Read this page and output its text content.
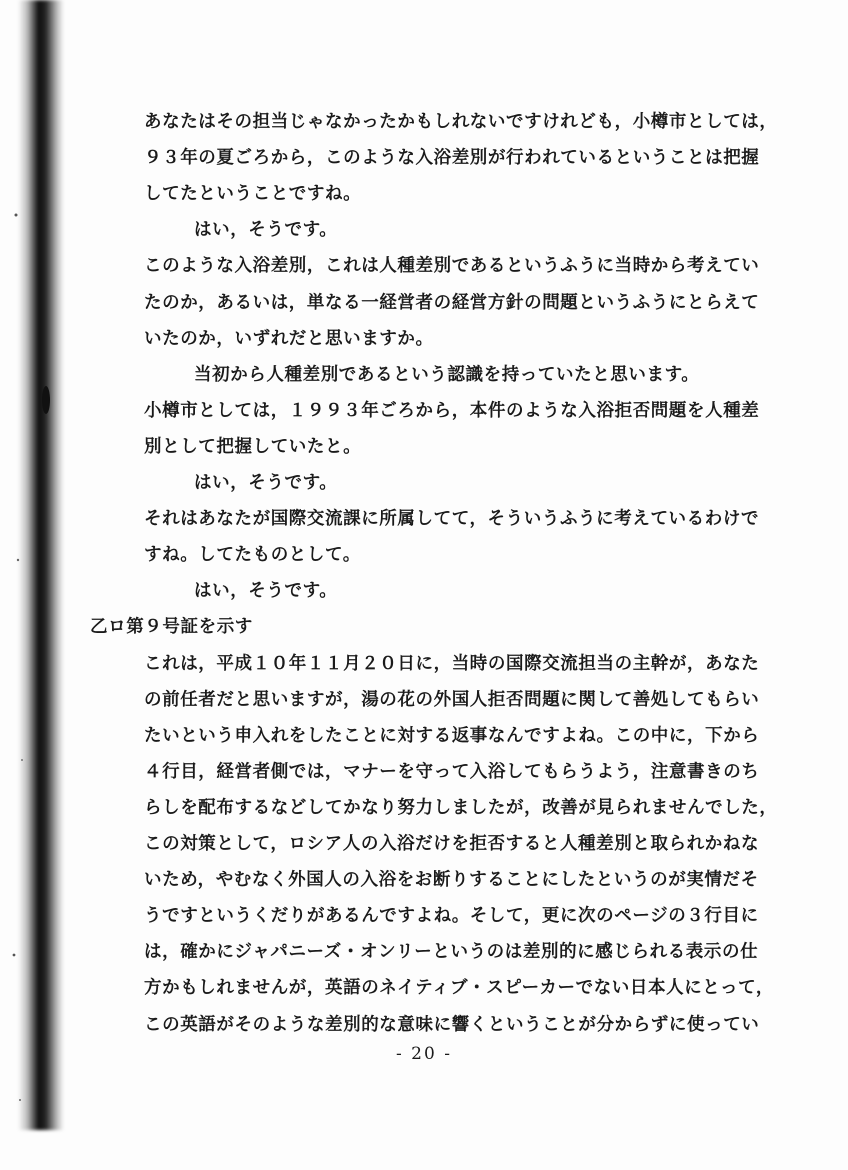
あなたはその担当じゃなかったかもしれないですけれども，小樽市としては，
９３年の夏ごろから，このような入浴差別が行われているということは把握
してたということですね。
はい，そうです。
このような入浴差別，これは人種差別であるというふうに当時から考えてい
たのか，あるいは，単なる一経営者の経営方針の問題というふうにとらえて
いたのか，いずれだと思いますか。
当初から人種差別であるという認識を持っていたと思います。
小樽市としては，１９９３年ごろから，本件のような入浴拒否問題を人種差
別として把握していたと。
はい，そうです。
それはあなたが国際交流課に所属してて，そういうふうに考えているわけで
すね。してたものとして。
はい，そうです。
乙ロ第９号証を示す
これは，平成１０年１１月２０日に，当時の国際交流担当の主幹が，あなた
の前任者だと思いますが，湯の花の外国人拒否問題に関して善処してもらい
たいという申入れをしたことに対する返事なんですよね。この中に，下から
４行目，経営者側では，マナーを守って入浴してもらうよう，注意書きのち
らしを配布するなどしてかなり努力しましたが，改善が見られませんでした，
この対策として，ロシア人の入浴だけを拒否すると人種差別と取られかねな
いため，やむなく外国人の入浴をお断りすることにしたというのが実情だそ
うですというくだりがあるんですよね。そして，更に次のページの３行目に
は，確かにジャパニーズ・オンリーというのは差別的に感じられる表示の仕
方かもしれませんが，英語のネイティブ・スピーカーでない日本人にとって，
この英語がそのような差別的な意味に響くということが分からずに使ってい
- 20 -
